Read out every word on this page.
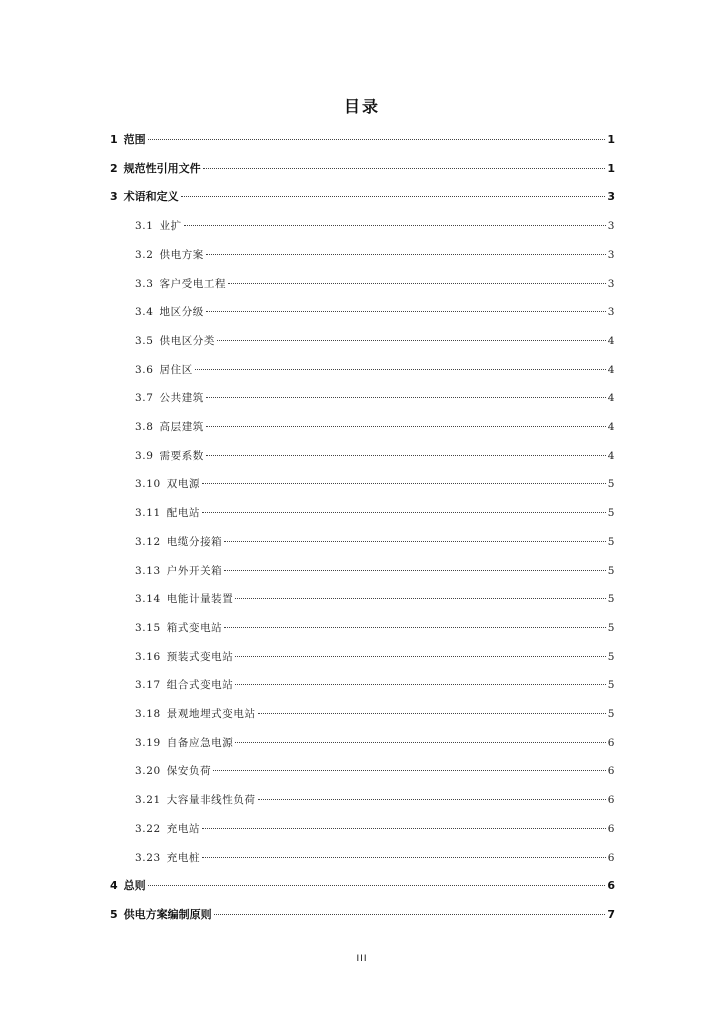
目录
1 范围	1
2 规范性引用文件	1
3 术语和定义	3
3.1 业扩	3
3.2 供电方案	3
3.3 客户受电工程	3
3.4 地区分级	3
3.5 供电区分类	4
3.6 居住区	4
3.7 公共建筑	4
3.8 高层建筑	4
3.9 需要系数	4
3.10 双电源	5
3.11 配电站	5
3.12 电缆分接箱	5
3.13 户外开关箱	5
3.14 电能计量装置	5
3.15 箱式变电站	5
3.16 预装式变电站	5
3.17 组合式变电站	5
3.18 景观地埋式变电站	5
3.19 自备应急电源	6
3.20 保安负荷	6
3.21 大容量非线性负荷	6
3.22 充电站	6
3.23 充电桩	6
4 总则	6
5 供电方案编制原则	7
III
